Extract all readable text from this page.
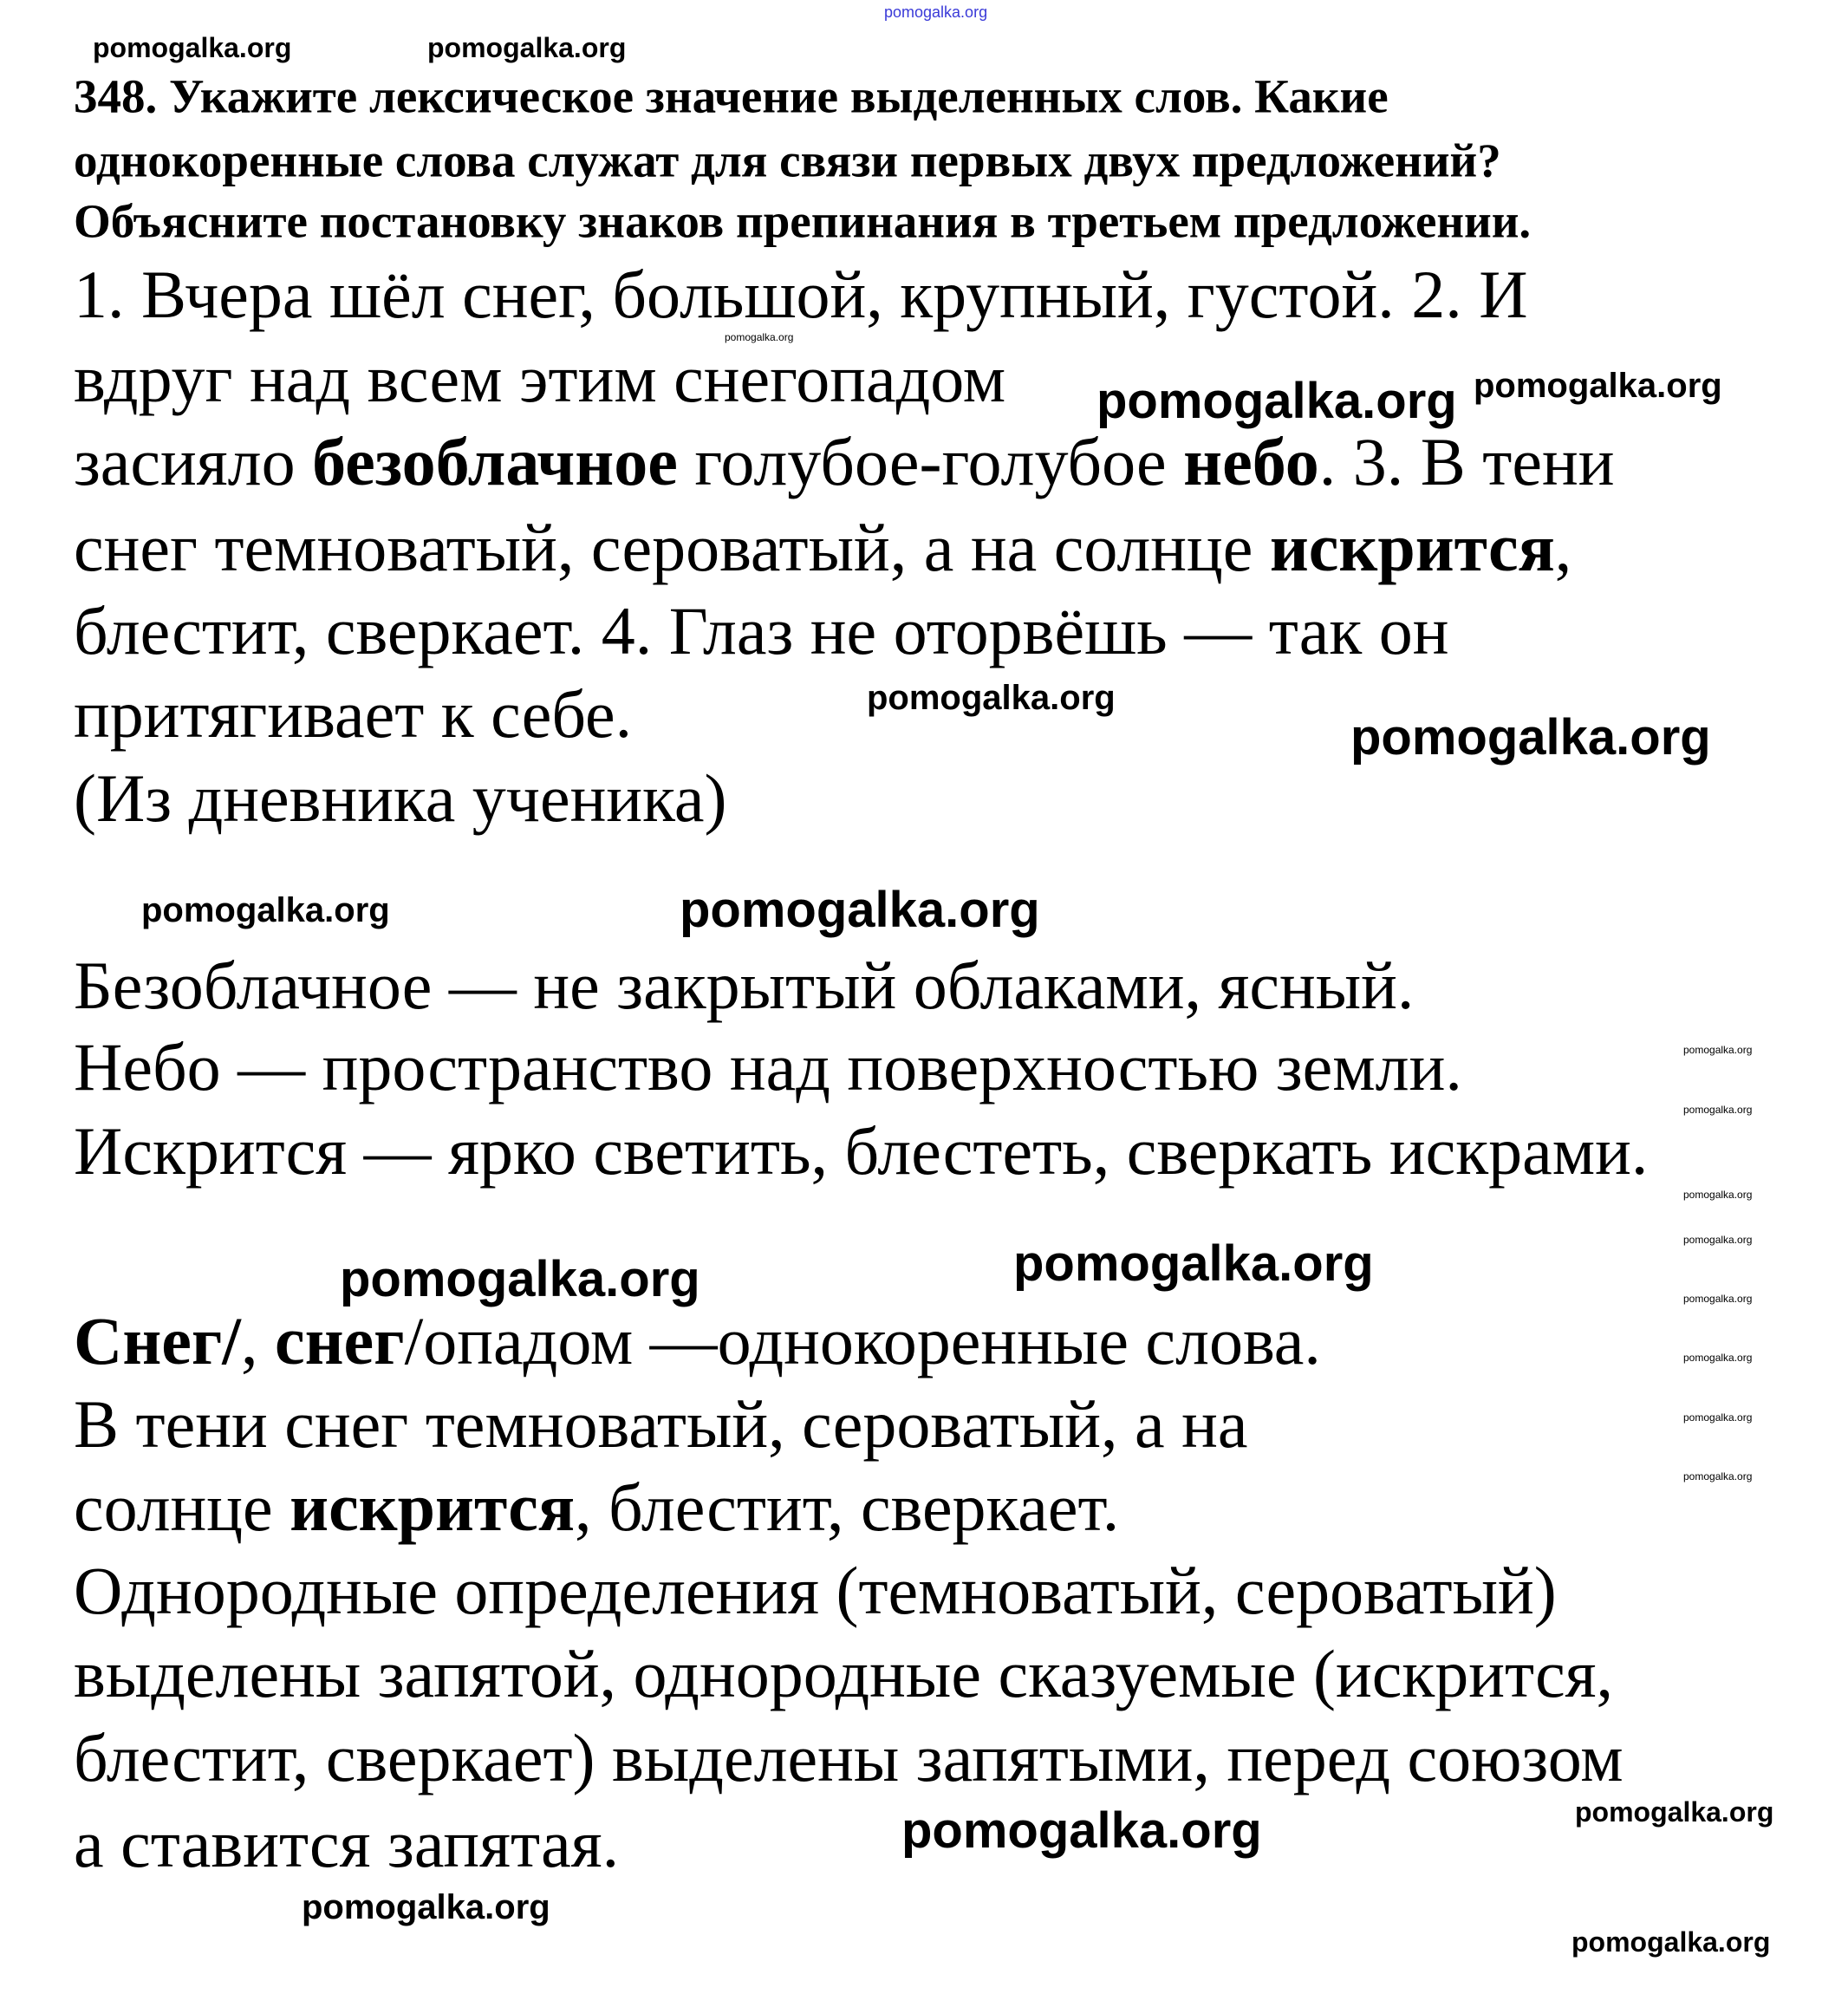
348. Укажите лексическое значение выделенных слов. Какие
однокоренные слова служат для связи первых двух предложений?
Объясните постановку знаков препинания в третьем предложении.
1. Вчера шёл снег, большой, крупный, густой. 2. И
вдруг над всем этим снегопадом
засияло безоблачное голубое-голубое небо. 3. В тени
снег темноватый, сероватый, а на солнце искрится,
блестит, сверкает. 4. Глаз не оторвёшь — так он
притягивает к себе.
(Из дневника ученика)
Безоблачное — не закрытый облаками, ясный.
Небо — пространство над поверхностью земли.
Искрится — ярко светить, блестеть, сверкать искрами.
Снег/, снег/опадом —однокоренные слова.
В тени снег темноватый, сероватый, а на
солнце искрится, блестит, сверкает.
Однородные определения (темноватый, сероватый)
выделены запятой, однородные сказуемые (искрится,
блестит, сверкает) выделены запятыми, перед союзом
а ставится запятая.
pomogalka.org
pomogalka.org	pomogalka.org
pomogalka.org
pomogalka.org
pomogalka.org
pomogalka.org
pomogalka.org
pomogalka.org	pomogalka.org
pomogalka.org
pomogalka.org
pomogalka.org
pomogalka.org
pomogalka.org
pomogalka.org
pomogalka.org
pomogalka.org
pomogalka.org	pomogalka.org
pomogalka.org
pomogalka.org
pomogalka.org	pomogalka.org
